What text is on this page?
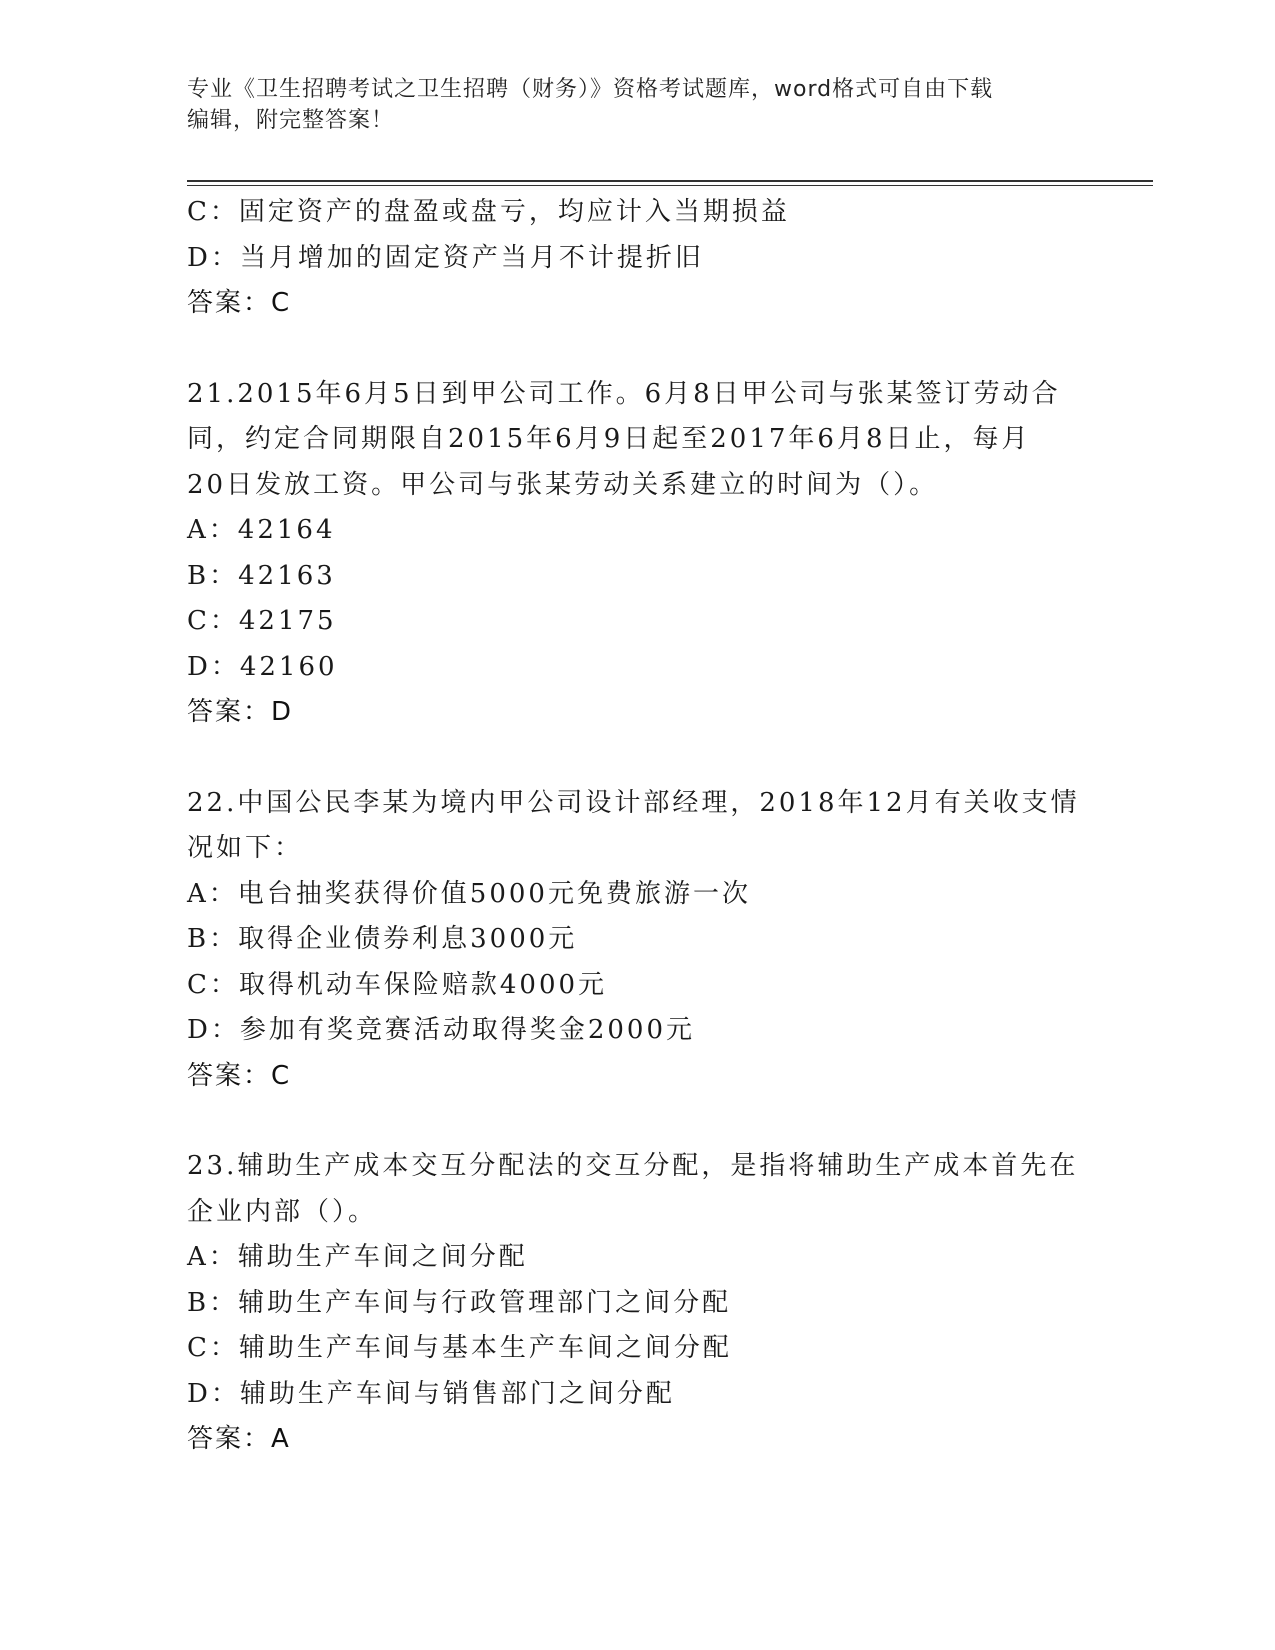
专业《卫生招聘考试之卫生招聘（财务）》资格考试题库，word格式可自由下载
编辑，附完整答案！
C：固定资产的盘盈或盘亏，均应计入当期损益
D：当月增加的固定资产当月不计提折旧
答案：C
21.2015年6月5日到甲公司工作。6月8日甲公司与张某签订劳动合
同，约定合同期限自2015年6月9日起至2017年6月8日止，每月
20日发放工资。甲公司与张某劳动关系建立的时间为（）。
A：42164
B：42163
C：42175
D：42160
答案：D
22.中国公民李某为境内甲公司设计部经理，2018年12月有关收支情
况如下：
A：电台抽奖获得价值5000元免费旅游一次
B：取得企业债券利息3000元
C：取得机动车保险赔款4000元
D：参加有奖竞赛活动取得奖金2000元
答案：C
23.辅助生产成本交互分配法的交互分配，是指将辅助生产成本首先在
企业内部（）。
A：辅助生产车间之间分配
B：辅助生产车间与行政管理部门之间分配
C：辅助生产车间与基本生产车间之间分配
D：辅助生产车间与销售部门之间分配
答案：A
